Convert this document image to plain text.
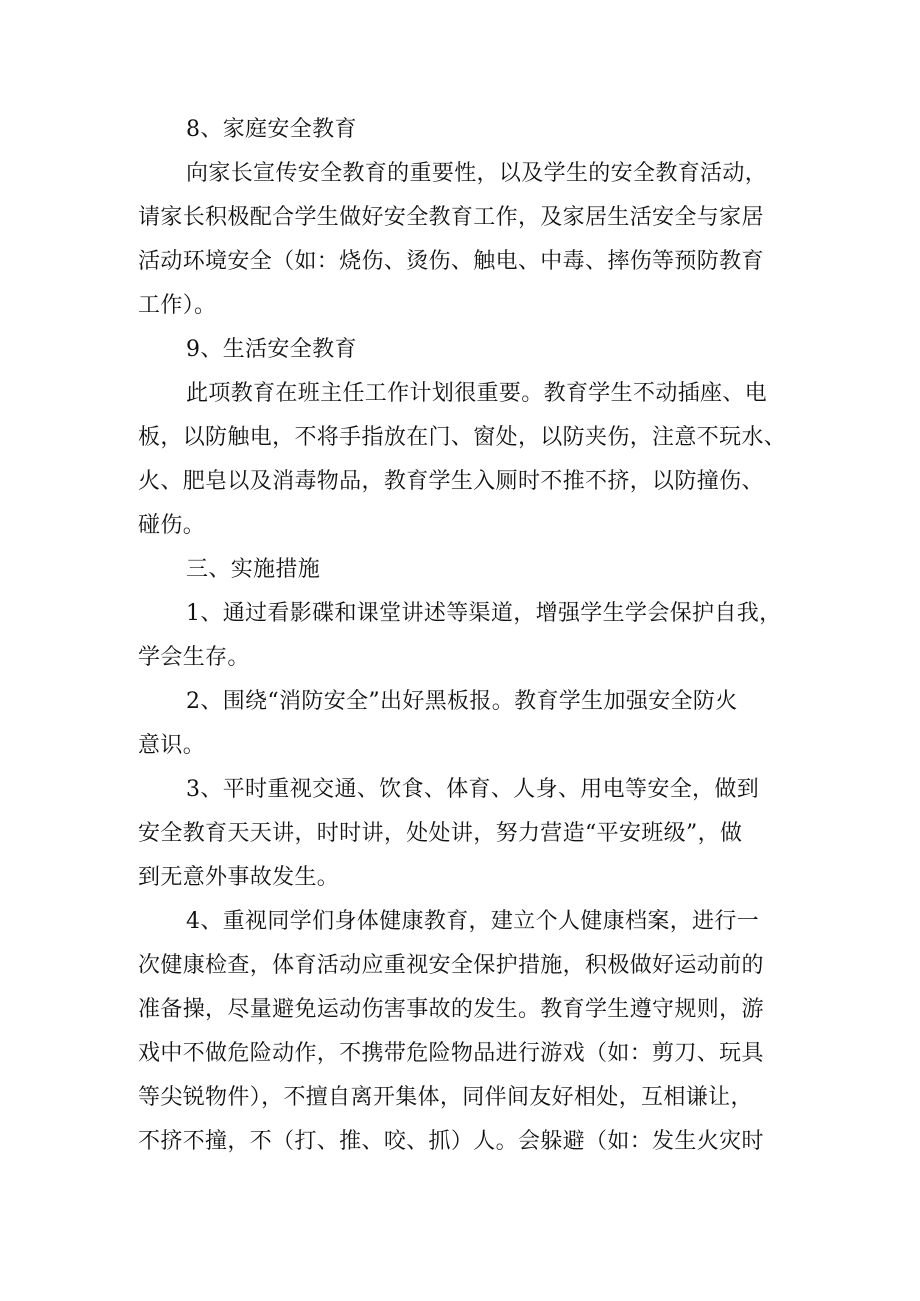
8、家庭安全教育
向家长宣传安全教育的重要性，以及学生的安全教育活动，
请家长积极配合学生做好安全教育工作，及家居生活安全与家居
活动环境安全（如：烧伤、烫伤、触电、中毒、摔伤等预防教育
工作）。
9、生活安全教育
此项教育在班主任工作计划很重要。教育学生不动插座、电
板，以防触电，不将手指放在门、窗处，以防夹伤，注意不玩水、
火、肥皂以及消毒物品，教育学生入厕时不推不挤，以防撞伤、
碰伤。
三、实施措施
1、通过看影碟和课堂讲述等渠道，增强学生学会保护自我，
学会生存。
2、围绕“消防安全”出好黑板报。教育学生加强安全防火
意识。
3、平时重视交通、饮食、体育、人身、用电等安全，做到
安全教育天天讲，时时讲，处处讲，努力营造“平安班级”，做
到无意外事故发生。
4、重视同学们身体健康教育，建立个人健康档案，进行一
次健康检查，体育活动应重视安全保护措施，积极做好运动前的
准备操，尽量避免运动伤害事故的发生。教育学生遵守规则，游
戏中不做危险动作，不携带危险物品进行游戏（如：剪刀、玩具
等尖锐物件），不擅自离开集体，同伴间友好相处，互相谦让，
不挤不撞，不（打、推、咬、抓）人。会躲避（如：发生火灾时
